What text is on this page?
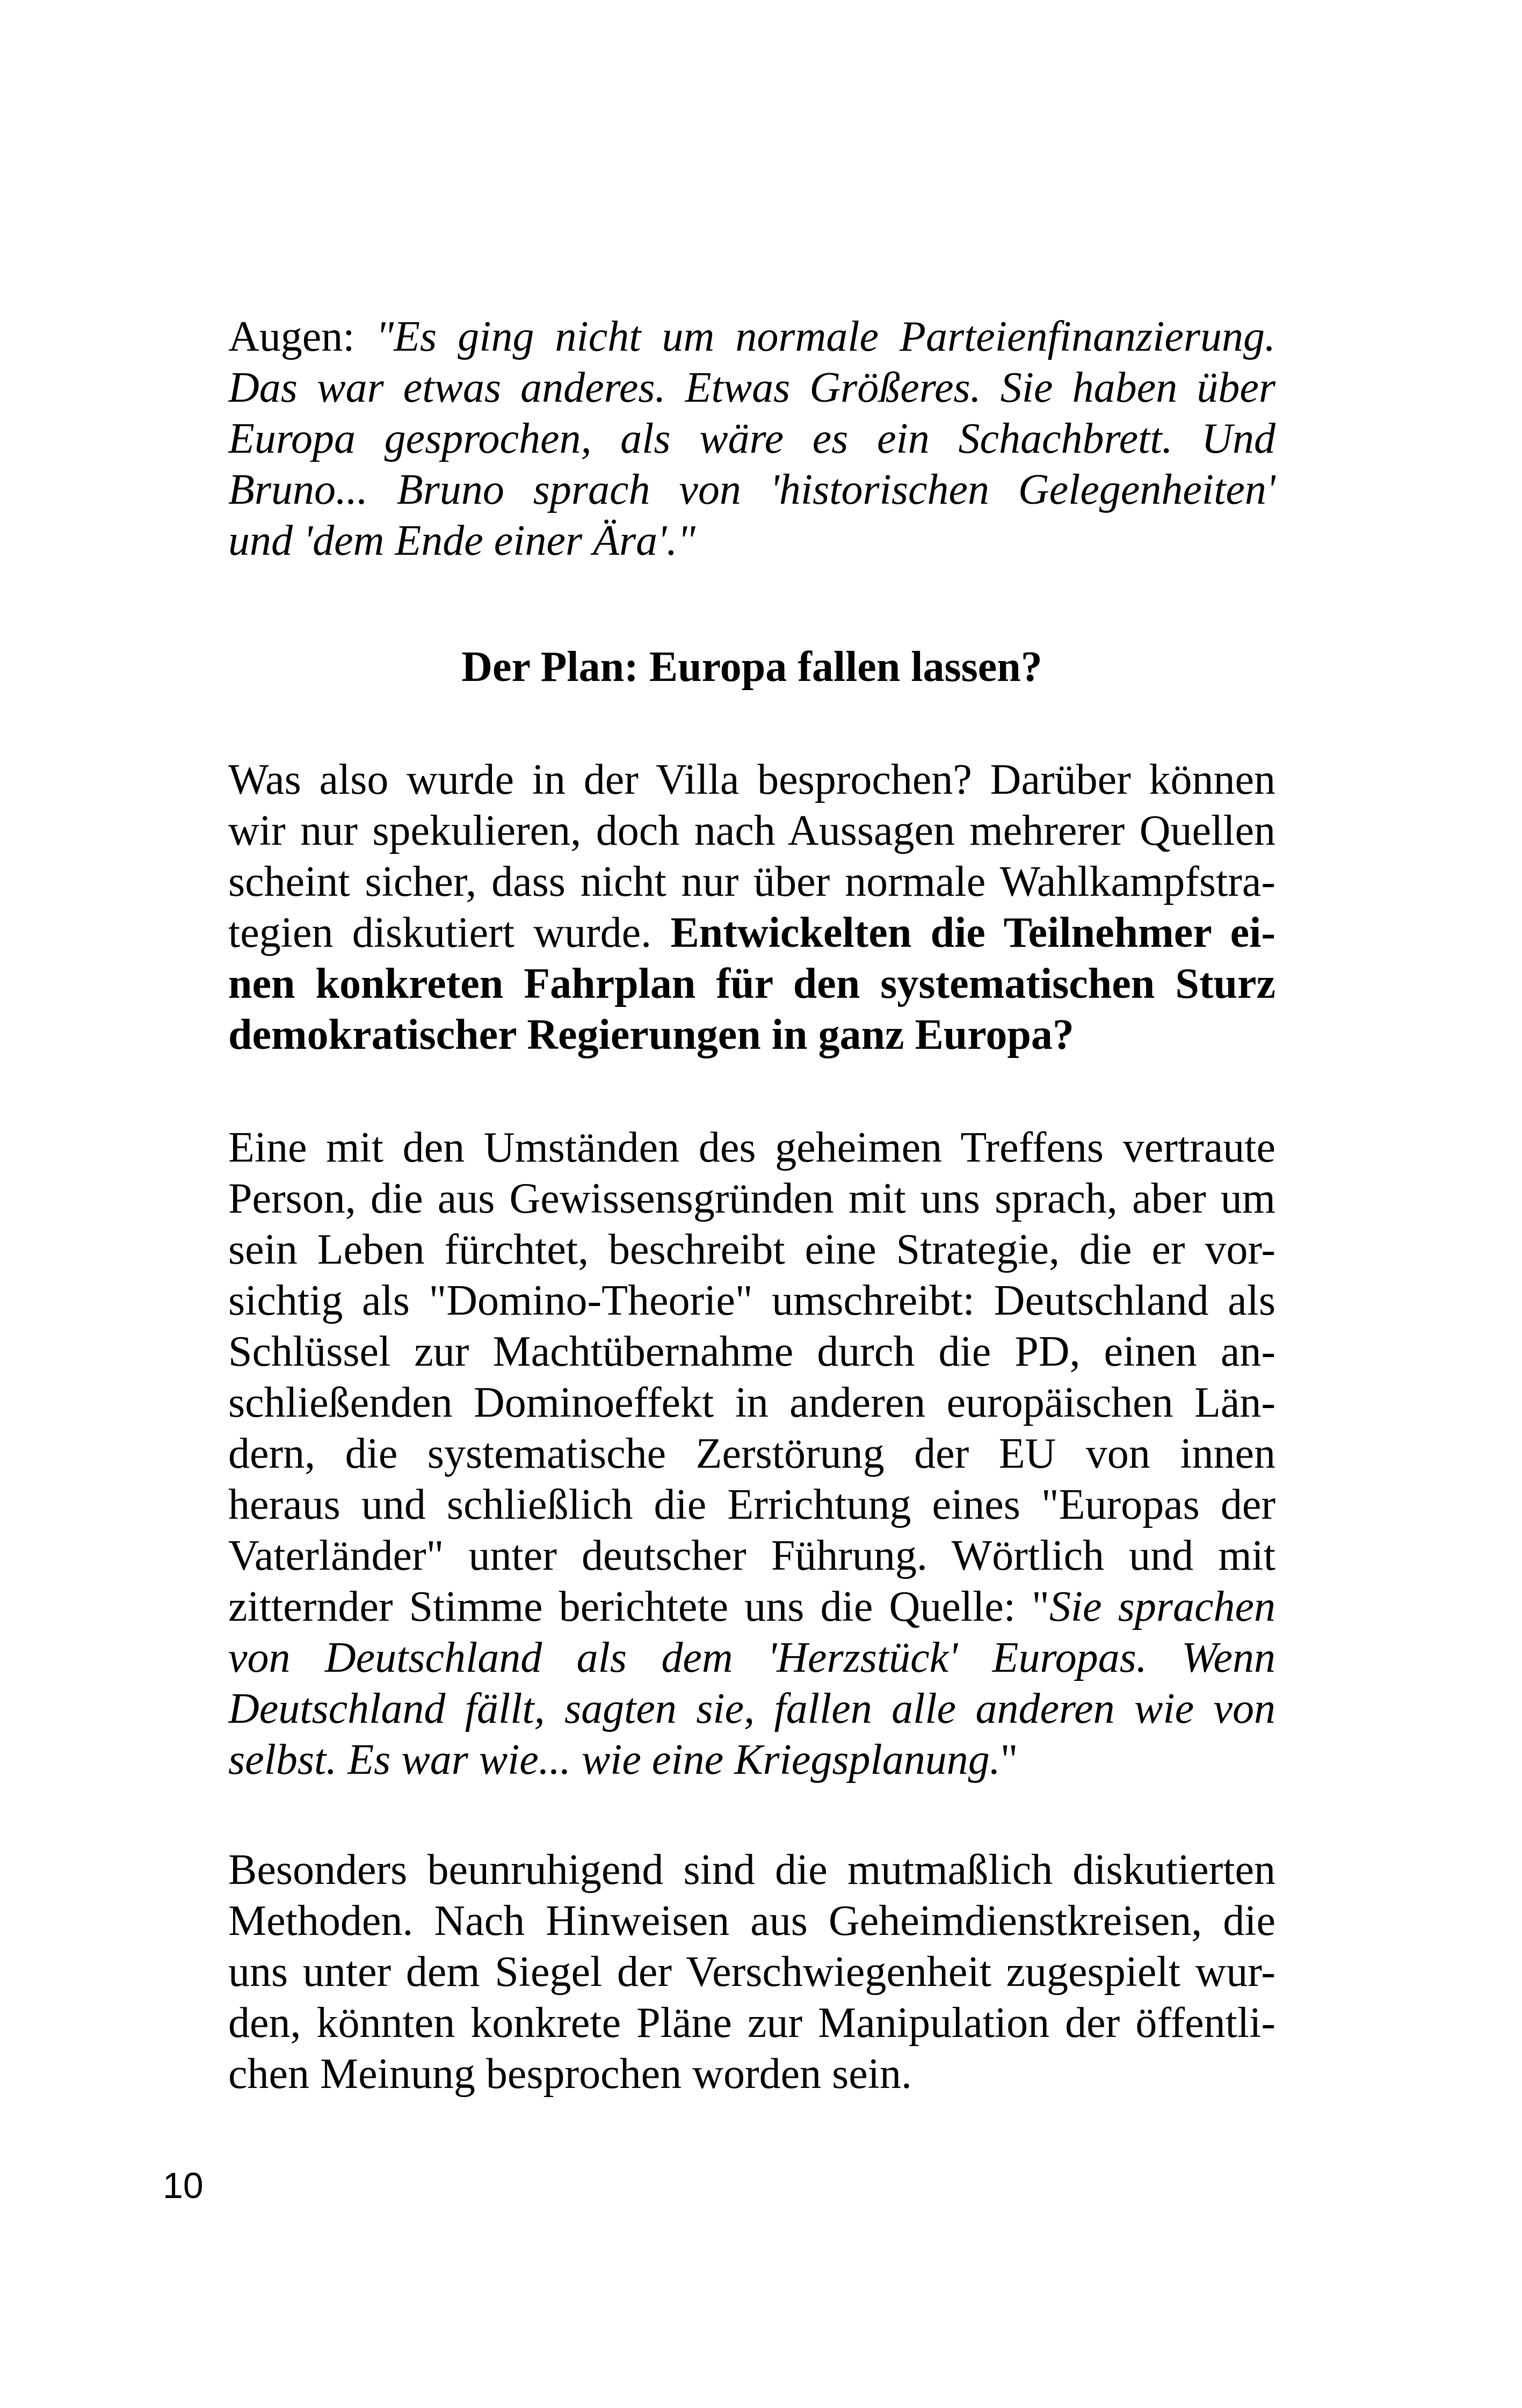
Augen: "Es ging nicht um normale Parteienfinanzierung.
Das war etwas anderes. Etwas Größeres. Sie haben über
Europa gesprochen, als wäre es ein Schachbrett. Und
Bruno... Bruno sprach von 'historischen Gelegenheiten'
und 'dem Ende einer Ära'."
Der Plan: Europa fallen lassen?
Was also wurde in der Villa besprochen? Darüber können
wir nur spekulieren, doch nach Aussagen mehrerer Quellen
scheint sicher, dass nicht nur über normale Wahlkampfstra-
tegien diskutiert wurde. Entwickelten die Teilnehmer ei-
nen konkreten Fahrplan für den systematischen Sturz
demokratischer Regierungen in ganz Europa?
Eine mit den Umständen des geheimen Treffens vertraute
Person, die aus Gewissensgründen mit uns sprach, aber um
sein Leben fürchtet, beschreibt eine Strategie, die er vor-
sichtig als "Domino-Theorie" umschreibt: Deutschland als
Schlüssel zur Machtübernahme durch die PD, einen an-
schließenden Dominoeffekt in anderen europäischen Län-
dern, die systematische Zerstörung der EU von innen
heraus und schließlich die Errichtung eines "Europas der
Vaterländer" unter deutscher Führung. Wörtlich und mit
zitternder Stimme berichtete uns die Quelle: "Sie sprachen
von Deutschland als dem 'Herzstück' Europas. Wenn
Deutschland fällt, sagten sie, fallen alle anderen wie von
selbst. Es war wie... wie eine Kriegsplanung."
Besonders beunruhigend sind die mutmaßlich diskutierten
Methoden. Nach Hinweisen aus Geheimdienstkreisen, die
uns unter dem Siegel der Verschwiegenheit zugespielt wur-
den, könnten konkrete Pläne zur Manipulation der öffentli-
chen Meinung besprochen worden sein.
10
